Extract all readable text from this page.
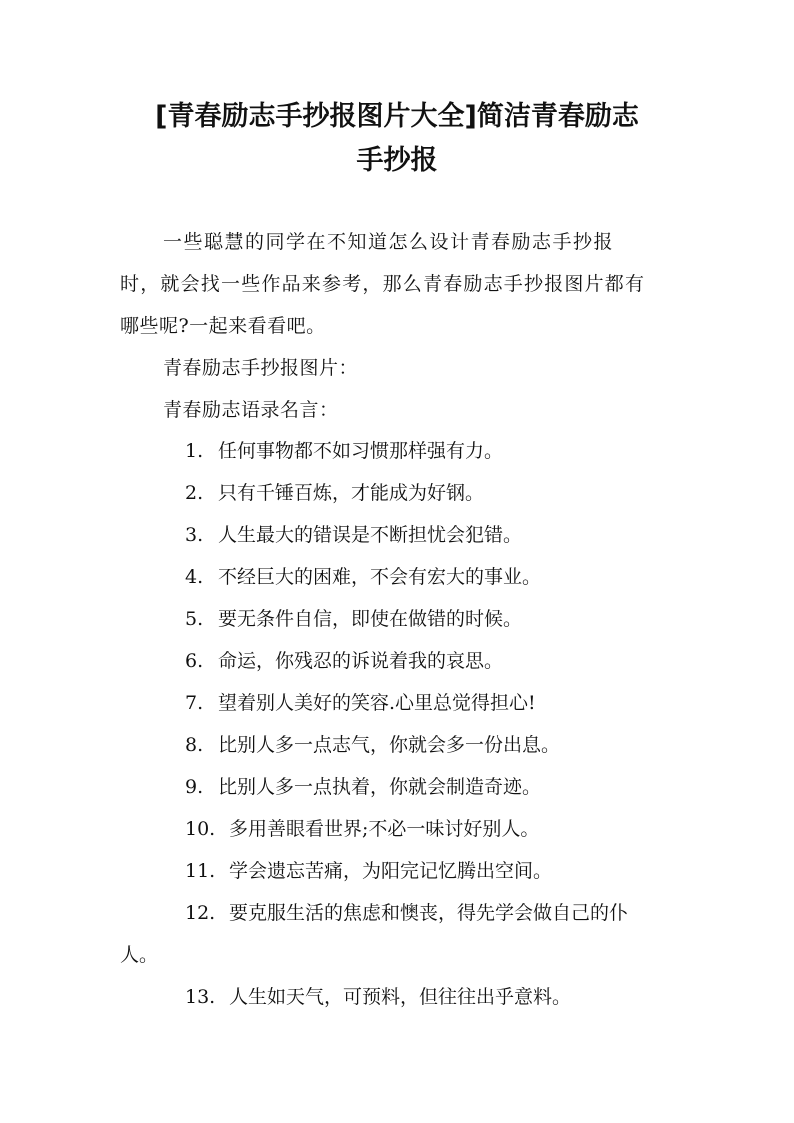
[青春励志手抄报图片大全]简洁青春励志
手抄报

一些聪慧的同学在不知道怎么设计青春励志手抄报

时，就会找一些作品来参考，那么青春励志手抄报图片都有

哪些呢?一起来看看吧。

青春励志手抄报图片：

青春励志语录名言：

1. 任何事物都不如习惯那样强有力。
2. 只有千锤百炼，才能成为好钢。
3. 人生最大的错误是不断担忧会犯错。
4. 不经巨大的困难，不会有宏大的事业。
5. 要无条件自信，即使在做错的时候。
6. 命运，你残忍的诉说着我的哀思。
7. 望着别人美好的笑容.心里总觉得担心!
8. 比别人多一点志气，你就会多一份出息。
9. 比别人多一点执着，你就会制造奇迹。
10. 多用善眼看世界;不必一味讨好别人。
11. 学会遗忘苦痛，为阳完记忆腾出空间。
12. 要克服生活的焦虑和懊丧，得先学会做自己的仆
人。
13. 人生如天气，可预料，但往往出乎意料。
